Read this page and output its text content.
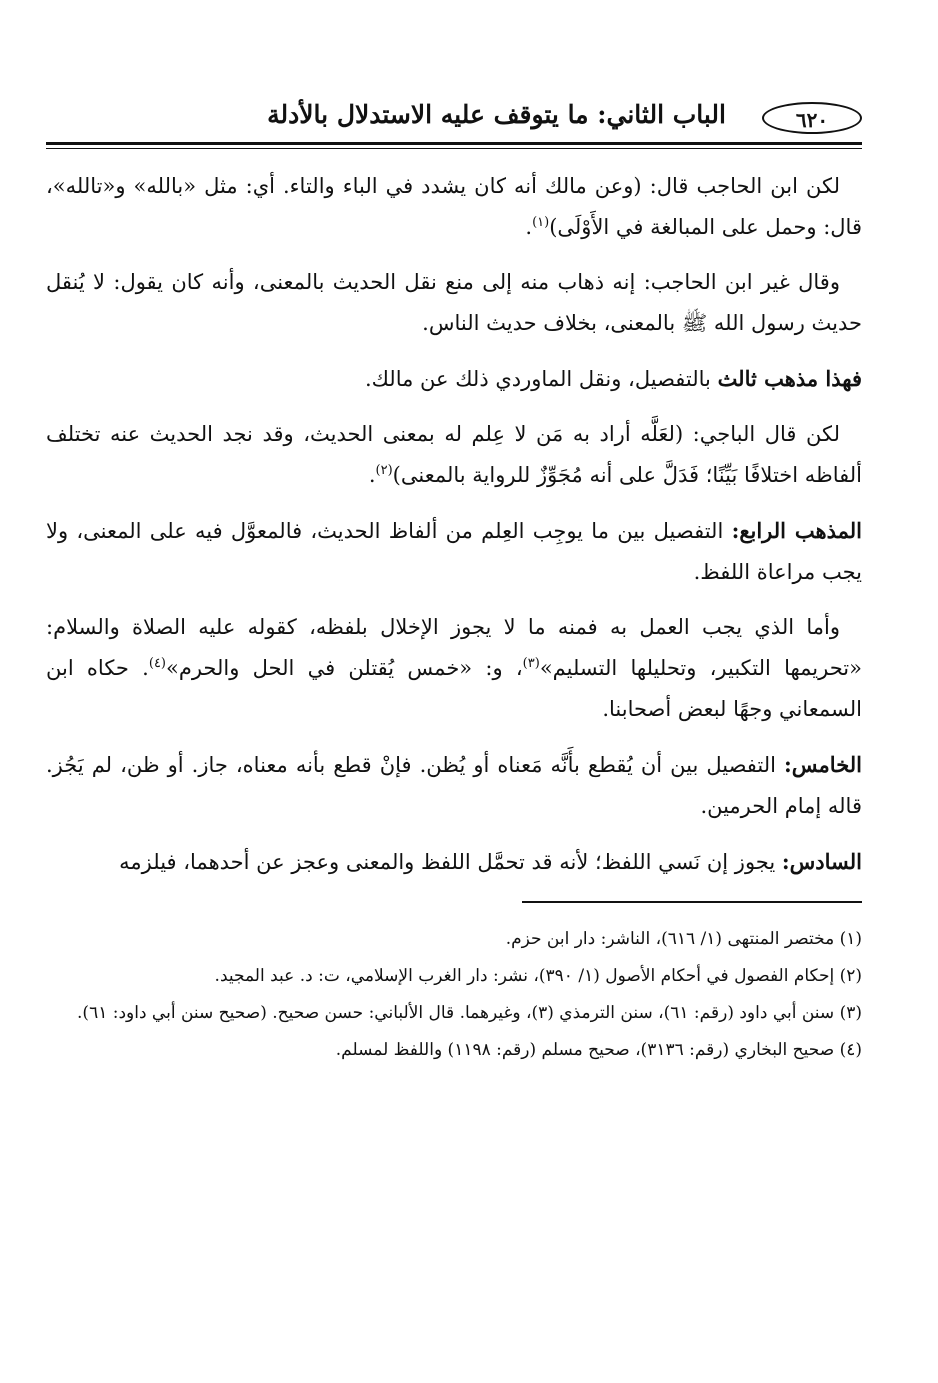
٦٢٠
الباب الثاني: ما يتوقف عليه الاستدلال بالأدلة

لكن ابن الحاجب قال: (وعن مالك أنه كان يشدد في الباء والتاء. أي: مثل «بالله» و«تالله»، قال: وحمل على المبالغة في الأَوْلَى)$^{(١)}$.

وقال غير ابن الحاجب: إنه ذهاب منه إلى منع نقل الحديث بالمعنى، وأنه كان يقول: لا يُنقل حديث رسول الله ﷺ بالمعنى، بخلاف حديث الناس.

فهذا مذهب ثالث بالتفصيل، ونقل الماوردي ذلك عن مالك.

لكن قال الباجي: (لعَلَّه أراد به مَن لا عِلم له بمعنى الحديث، وقد نجد الحديث عنه تختلف ألفاظه اختلافًا بَيِّنًا؛ فَدَلَّ على أنه مُجَوِّزٌ للرواية بالمعنى)$^{(٢)}$.

المذهب الرابع: التفصيل بين ما يوجِب العِلم من ألفاظ الحديث، فالمعوَّل فيه على المعنى، ولا يجب مراعاة اللفظ.

وأما الذي يجب العمل به فمنه ما لا يجوز الإخلال بلفظه، كقوله عليه الصلاة والسلام: «تحريمها التكبير، وتحليلها التسليم»$^{(٣)}$، و: «خمس يُقتلن في الحل والحرم»$^{(٤)}$. حكاه ابن السمعاني وجهًا لبعض أصحابنا.

الخامس: التفصيل بين أن يُقطع بأَنَّه مَعناه أو يُظن. فإنْ قطع بأنه معناه، جاز. أو ظن، لم يَجُز. قاله إمام الحرمين.

السادس: يجوز إن نَسي اللفظ؛ لأنه قد تحمَّل اللفظ والمعنى وعجز عن أحدهما، فيلزمه

(١) مختصر المنتهى (١/ ٦١٦)، الناشر: دار ابن حزم.

(٢) إحكام الفصول في أحكام الأصول (١/ ٣٩٠)، نشر: دار الغرب الإسلامي، ت: د. عبد المجيد.

(٣) سنن أبي داود (رقم: ٦١)، سنن الترمذي (٣)، وغيرهما. قال الألباني: حسن صحيح. (صحيح سنن أبي داود: ٦١).

(٤) صحيح البخاري (رقم: ٣١٣٦)، صحيح مسلم (رقم: ١١٩٨) واللفظ لمسلم.
